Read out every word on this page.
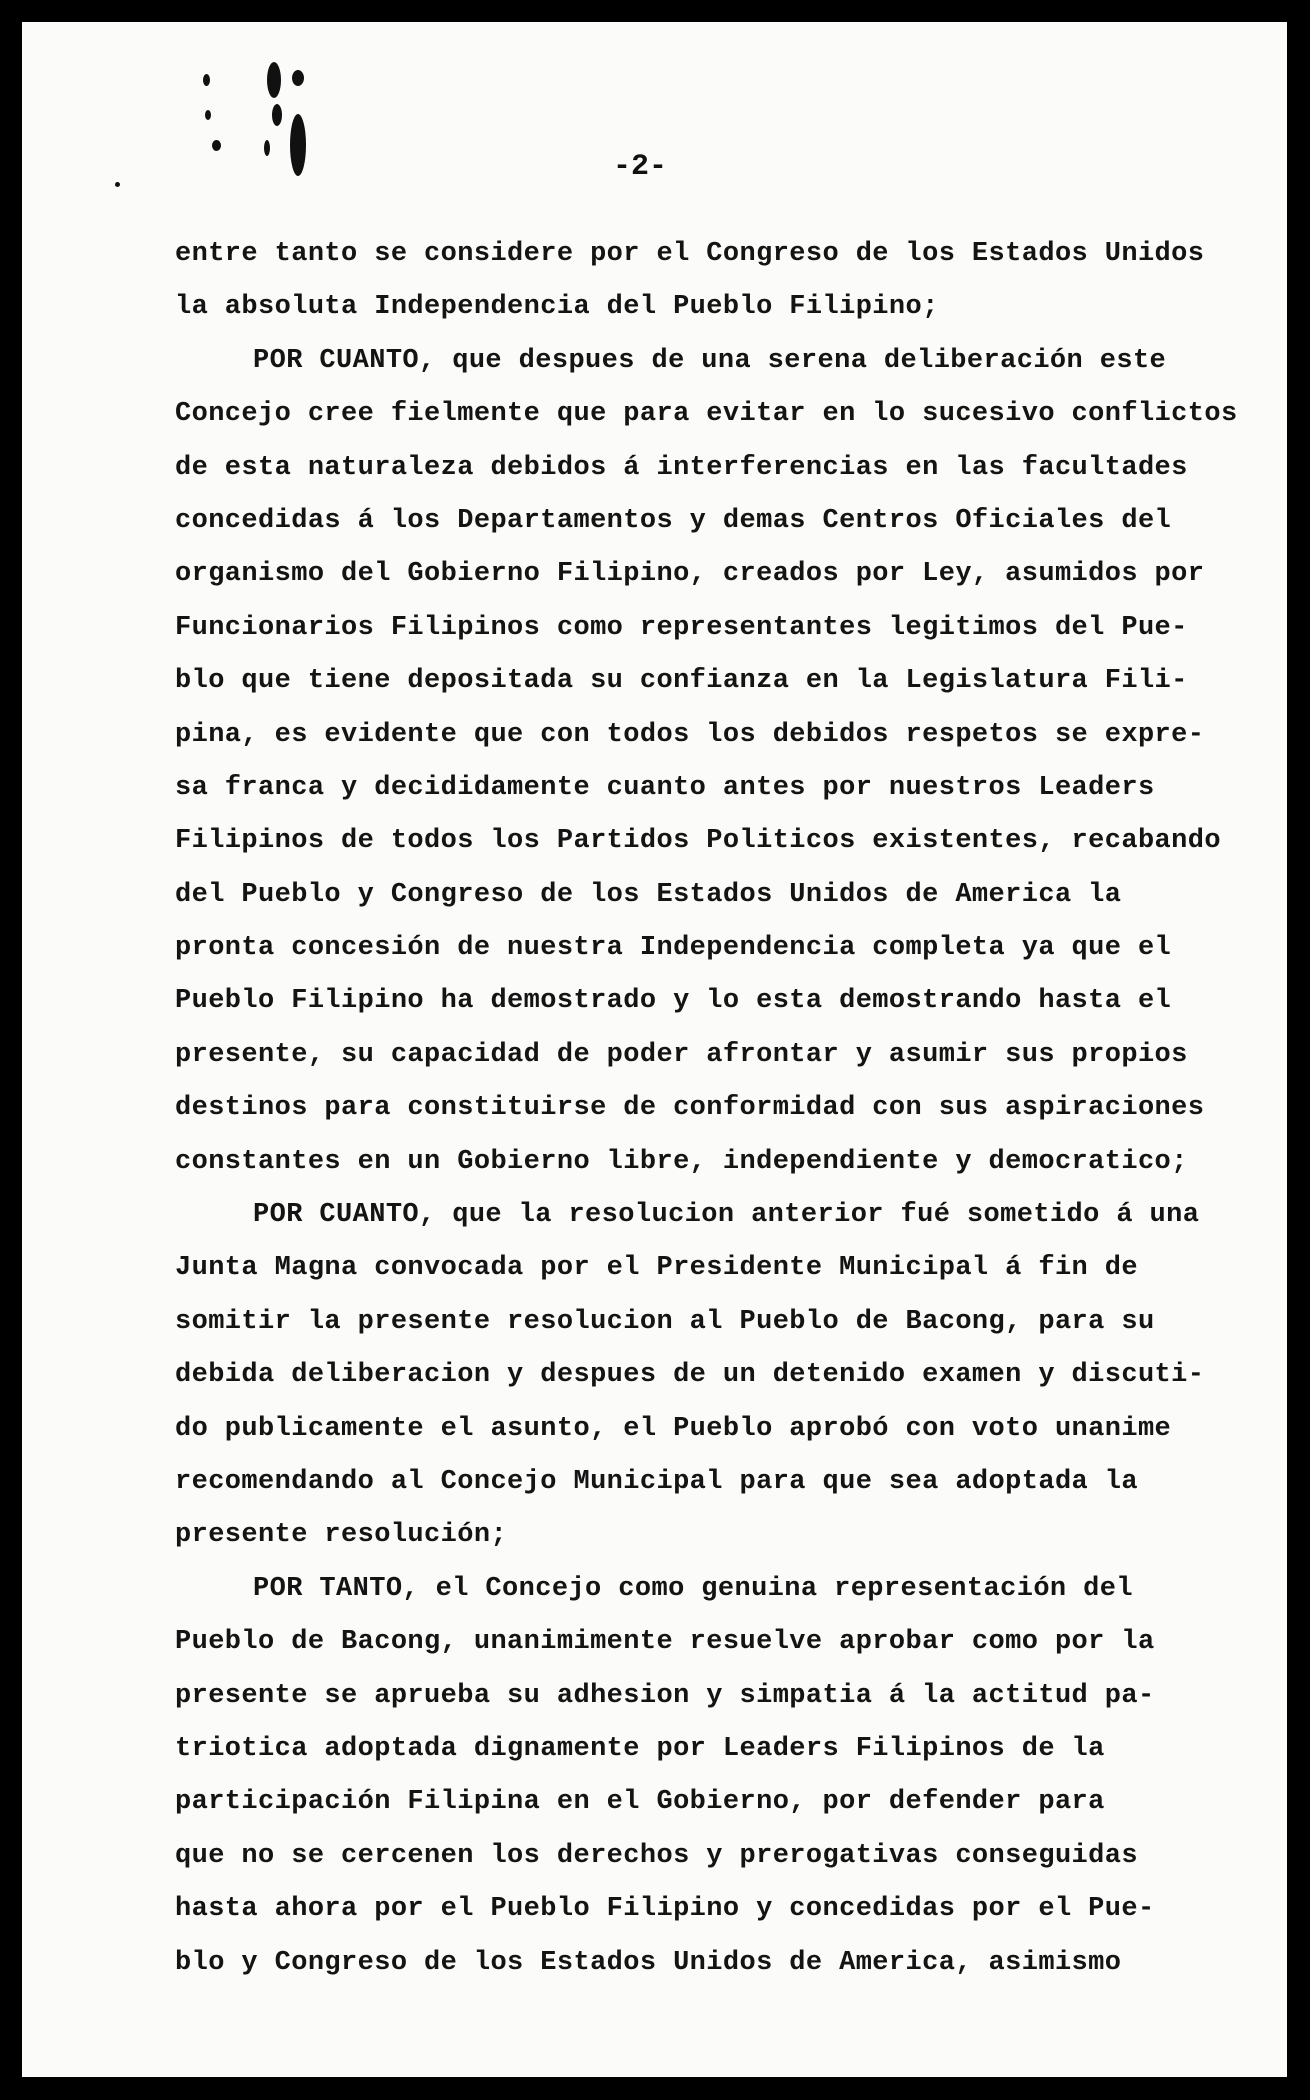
-2-
entre tanto se considere por el Congreso de los Estados Unidos
la absoluta Independencia del Pueblo Filipino;
POR CUANTO, que despues de una serena deliberación este
Concejo cree fielmente que para evitar en lo sucesivo conflictos
de esta naturaleza debidos á interferencias en las facultades
concedidas á los Departamentos y demas Centros Oficiales del
organismo del Gobierno Filipino, creados por Ley, asumidos por
Funcionarios Filipinos como representantes legitimos del Pue-
blo que tiene depositada su confianza en la Legislatura Fili-
pina, es evidente que con todos los debidos respetos se expre-
sa franca y decididamente cuanto antes por nuestros Leaders
Filipinos de todos los Partidos Politicos existentes, recabando
del Pueblo y Congreso de los Estados Unidos de America la
pronta concesión de nuestra Independencia completa ya que el
Pueblo Filipino ha demostrado y lo esta demostrando hasta el
presente, su capacidad de poder afrontar y asumir sus propios
destinos para constituirse de conformidad con sus aspiraciones
constantes en un Gobierno libre, independiente y democratico;
POR CUANTO, que la resolucion anterior fué sometido á una
Junta Magna convocada por el Presidente Municipal á fin de
somitir la presente resolucion al Pueblo de Bacong, para su
debida deliberacion y despues de un detenido examen y discuti-
do publicamente el asunto, el Pueblo aprobó con voto unanime
recomendando al Concejo Municipal para que sea adoptada la
presente resolución;
POR TANTO, el Concejo como genuina representación del
Pueblo de Bacong, unanimimente resuelve aprobar como por la
presente se aprueba su adhesion y simpatia á la actitud pa-
triotica adoptada dignamente por Leaders Filipinos de la
participación Filipina en el Gobierno, por defender para
que no se cercenen los derechos y prerogativas conseguidas
hasta ahora por el Pueblo Filipino y concedidas por el Pue-
blo y Congreso de los Estados Unidos de America, asimismo
